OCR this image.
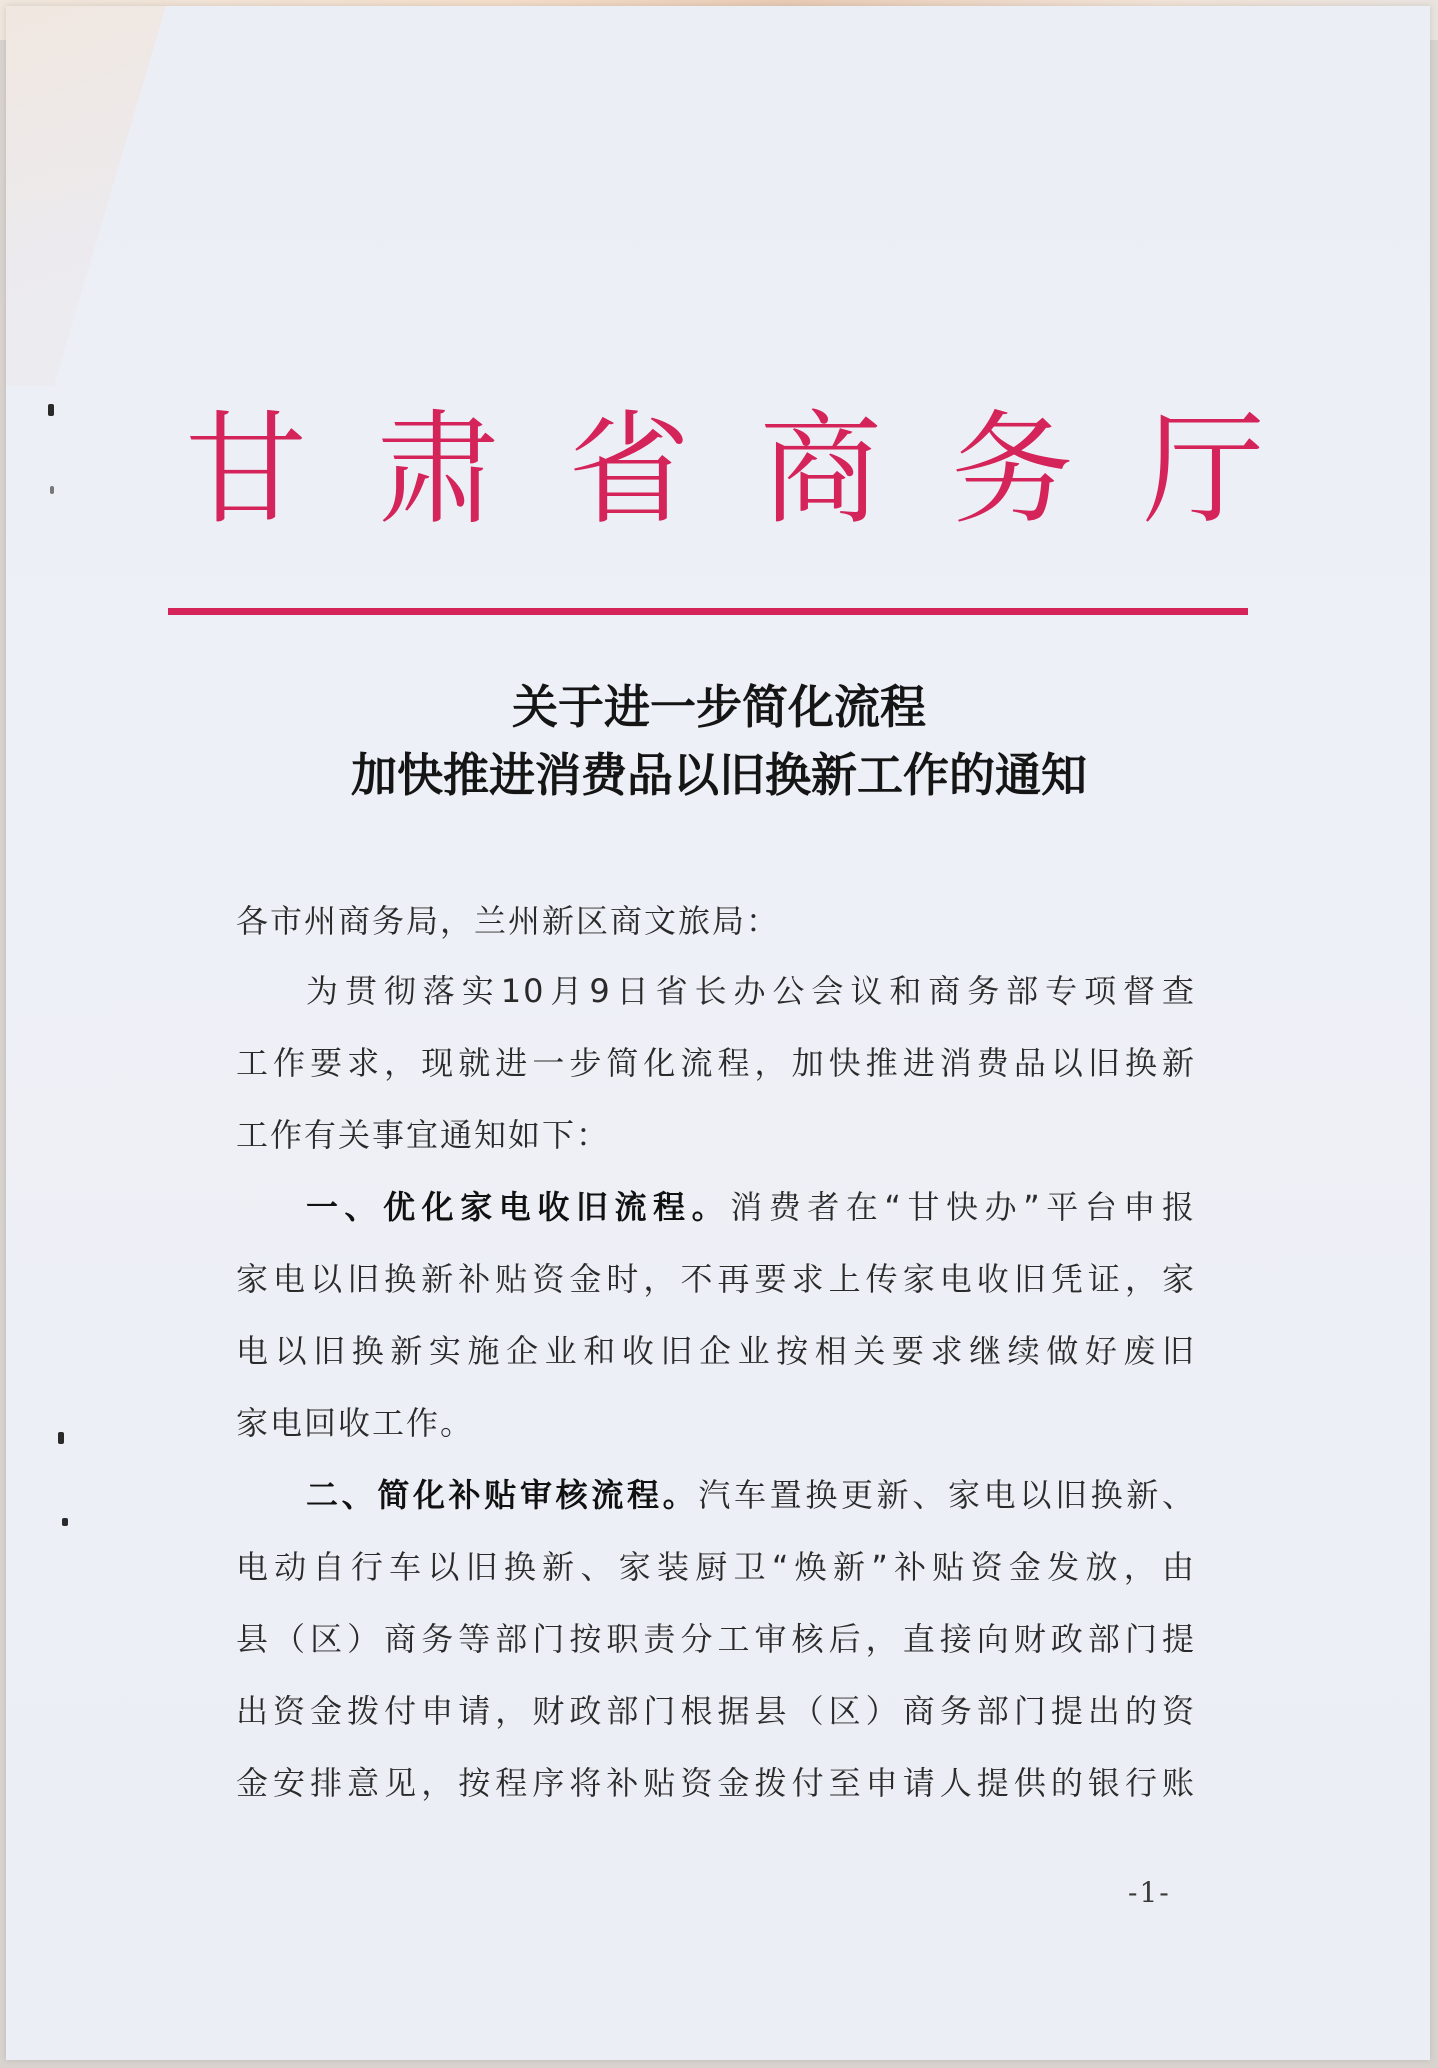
甘 肃 省 商 务 厅
关于进一步简化流程
加快推进消费品以旧换新工作的通知
各市州商务局，兰州新区商文旅局：
为贯彻落实10月9日省长办公会议和商务部专项督查
工作要求，现就进一步简化流程，加快推进消费品以旧换新
工作有关事宜通知如下：
一、优化家电收旧流程。消费者在“甘快办”平台申报
家电以旧换新补贴资金时，不再要求上传家电收旧凭证，家
电以旧换新实施企业和收旧企业按相关要求继续做好废旧
家电回收工作。
二、简化补贴审核流程。汽车置换更新、家电以旧换新、
电动自行车以旧换新、家装厨卫“焕新”补贴资金发放，由
县（区）商务等部门按职责分工审核后，直接向财政部门提
出资金拨付申请，财政部门根据县（区）商务部门提出的资
金安排意见，按程序将补贴资金拨付至申请人提供的银行账
-1-
